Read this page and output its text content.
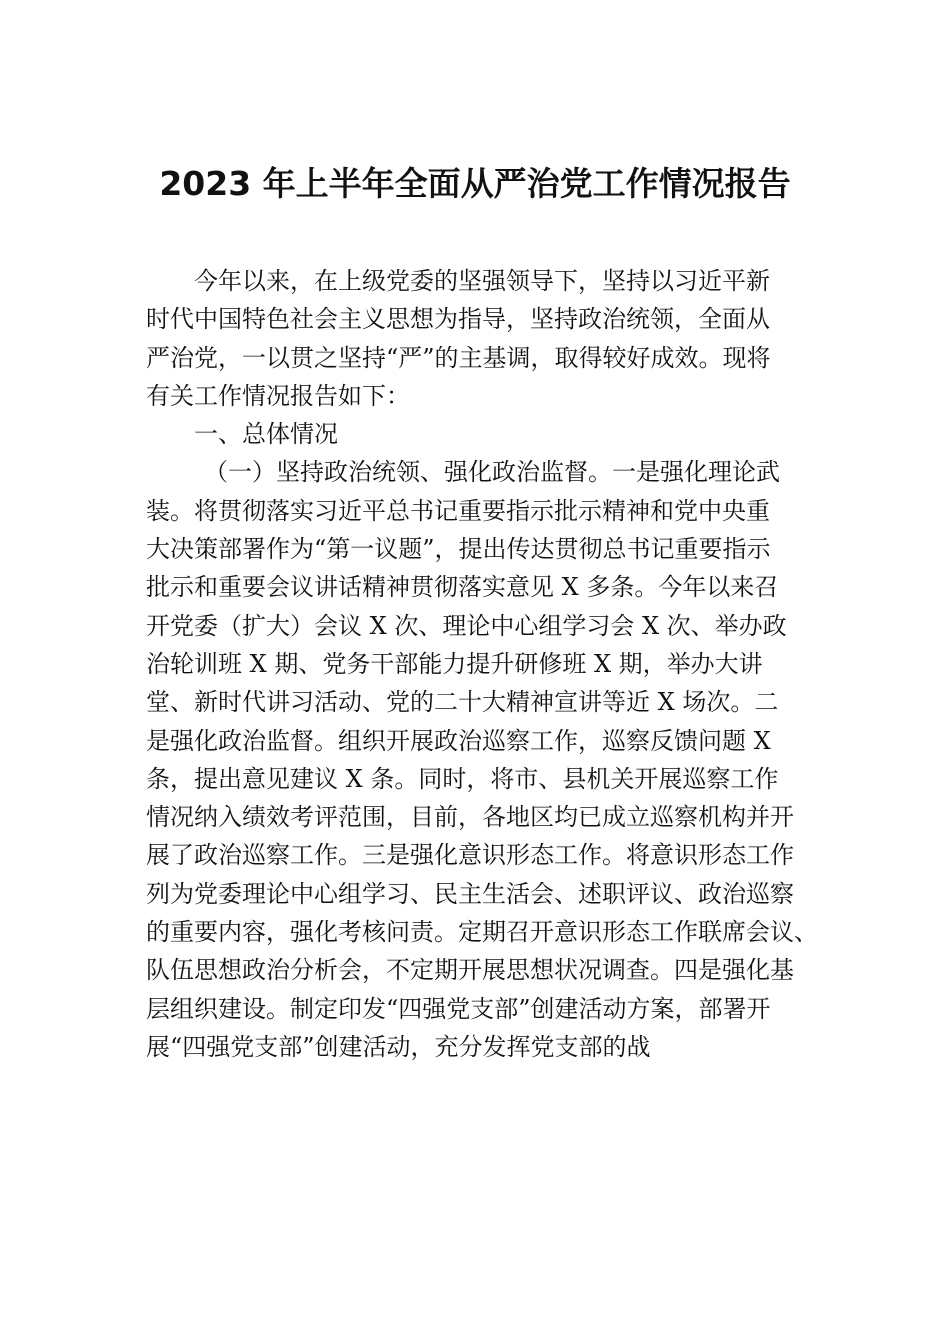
2023 年上半年全面从严治党工作情况报告
今年以来，在上级党委的坚强领导下，坚持以习近平新
时代中国特色社会主义思想为指导，坚持政治统领，全面从
严治党，一以贯之坚持“严”的主基调，取得较好成效。现将
有关工作情况报告如下：
一、总体情况
（一）坚持政治统领、强化政治监督。一是强化理论武
装。将贯彻落实习近平总书记重要指示批示精神和党中央重
大决策部署作为“第一议题”，提出传达贯彻总书记重要指示
批示和重要会议讲话精神贯彻落实意见 X 多条。今年以来召
开党委（扩大）会议 X 次、理论中心组学习会 X 次、举办政
治轮训班 X 期、党务干部能力提升研修班 X 期，举办大讲
堂、新时代讲习活动、党的二十大精神宣讲等近 X 场次。二
是强化政治监督。组织开展政治巡察工作，巡察反馈问题 X
条，提出意见建议 X 条。同时，将市、县机关开展巡察工作
情况纳入绩效考评范围，目前，各地区均已成立巡察机构并开
展了政治巡察工作。三是强化意识形态工作。将意识形态工作
列为党委理论中心组学习、民主生活会、述职评议、政治巡察
的重要内容，强化考核问责。定期召开意识形态工作联席会议、
队伍思想政治分析会，不定期开展思想状况调查。四是强化基
层组织建设。制定印发“四强党支部”创建活动方案，部署开
展“四强党支部”创建活动，充分发挥党支部的战
